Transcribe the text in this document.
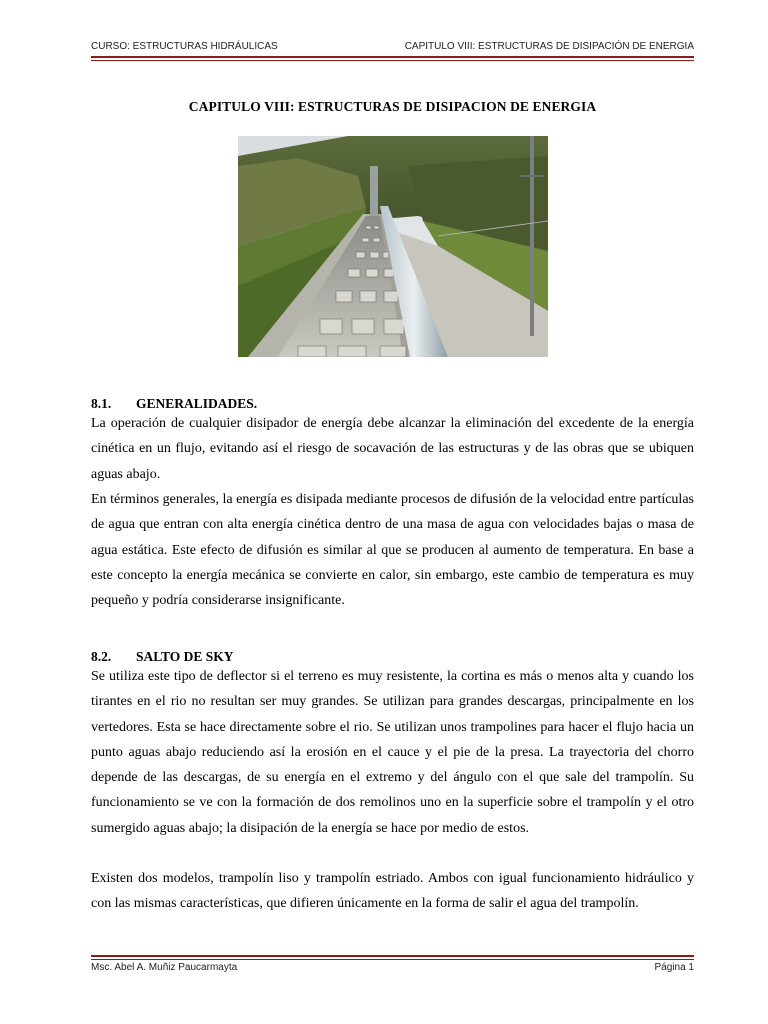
CURSO: ESTRUCTURAS HIDRÁULICAS	CAPITULO VIII: ESTRUCTURAS DE DISIPACIÓN DE ENERGIA
CAPITULO VIII: ESTRUCTURAS DE DISIPACION DE ENERGIA
8.1. GENERALIDADES.
La operación de cualquier disipador de energía debe alcanzar la eliminación del excedente de la energía cinética en un flujo, evitando así el riesgo de socavación de las estructuras y de las obras que se ubiquen aguas abajo.
En términos generales, la energía es disipada mediante procesos de difusión de la velocidad entre partículas de agua que entran con alta energía cinética dentro de una masa de agua con velocidades bajas o masa de agua estática. Este efecto de difusión es similar al que se producen al aumento de temperatura. En base a este concepto la energía mecánica se convierte en calor, sin embargo, este cambio de temperatura es muy pequeño y podría considerarse insignificante.
8.2. SALTO DE SKY
Se utiliza este tipo de deflector si el terreno es muy resistente, la cortina es más o menos alta y cuando los tirantes en el rio no resultan ser muy grandes. Se utilizan para grandes descargas, principalmente en los vertedores. Esta se hace directamente sobre el rio. Se utilizan unos trampolines para hacer el flujo hacia un punto aguas abajo reduciendo así la erosión en el cauce y el pie de la presa. La trayectoria del chorro depende de las descargas, de su energía en el extremo y del ángulo con el que sale del trampolín. Su funcionamiento se ve con la formación de dos remolinos uno en la superficie sobre el trampolín y el otro sumergido aguas abajo; la disipación de la energía se hace por medio de estos.
Existen dos modelos, trampolín liso y trampolín estriado. Ambos con igual funcionamiento hidráulico y con las mismas características, que difieren únicamente en la forma de salir el agua del trampolín.
Msc. Abel A. Muñiz Paucarmayta	Página 1
